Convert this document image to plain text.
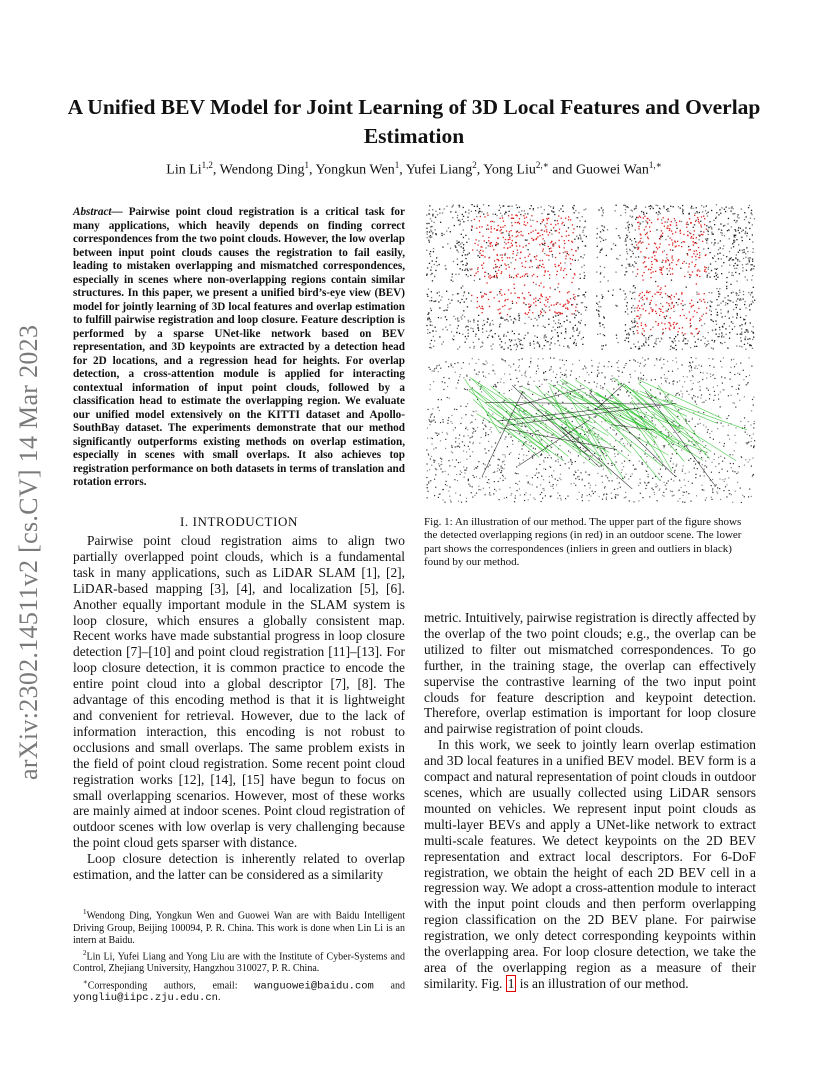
arXiv:2302.14511v2 [cs.CV] 14 Mar 2023
A Unified BEV Model for Joint Learning of 3D Local Features and Overlap Estimation
Lin Li$^{1,2}$, Wendong Ding$^1$, Yongkun Wen$^1$, Yufei Liang$^2$, Yong Liu$^{2,∗}$ and Guowei Wan$^{1,∗}$
Abstract— Pairwise point cloud registration is a critical task for many applications, which heavily depends on finding correct correspondences from the two point clouds. However, the low overlap between input point clouds causes the registration to fail easily, leading to mistaken overlapping and mismatched correspondences, especially in scenes where non-overlapping regions contain similar structures. In this paper, we present a unified bird’s-eye view (BEV) model for jointly learning of 3D local features and overlap estimation to fulfill pairwise registration and loop closure. Feature description is performed by a sparse UNet-like network based on BEV representation, and 3D keypoints are extracted by a detection head for 2D locations, and a regression head for heights. For overlap detection, a cross-attention module is applied for interacting contextual information of input point clouds, followed by a classification head to estimate the overlapping region. We evaluate our unified model extensively on the KITTI dataset and Apollo-SouthBay dataset. The experiments demonstrate that our method significantly outperforms existing methods on overlap estimation, especially in scenes with small overlaps. It also achieves top registration performance on both datasets in terms of translation and rotation errors.
I. INTRODUCTION

Pairwise point cloud registration aims to align two partially overlapped point clouds, which is a fundamental task in many applications, such as LiDAR SLAM [1], [2], LiDAR-based mapping [3], [4], and localization [5], [6]. Another equally important module in the SLAM system is loop closure, which ensures a globally consistent map. Recent works have made substantial progress in loop closure detection [7]–[10] and point cloud registration [11]–[13]. For loop closure detection, it is common practice to encode the entire point cloud into a global descriptor [7], [8]. The advantage of this encoding method is that it is lightweight and convenient for retrieval. However, due to the lack of information interaction, this encoding is not robust to occlusions and small overlaps. The same problem exists in the field of point cloud registration. Some recent point cloud registration works [12], [14], [15] have begun to focus on small overlapping scenarios. However, most of these works are mainly aimed at indoor scenes. Point cloud registration of outdoor scenes with low overlap is very challenging because the point cloud gets sparser with distance.

Loop closure detection is inherently related to overlap estimation, and the latter can be considered as a similarity

$^1$Wendong Ding, Yongkun Wen and Guowei Wan are with Baidu Intelligent Driving Group, Beijing 100094, P. R. China. This work is done when Lin Li is an intern at Baidu.

$^2$Lin Li, Yufei Liang and Yong Liu are with the Institute of Cyber-Systems and Control, Zhejiang University, Hangzhou 310027, P. R. China.

∗Corresponding authors, email: wanguowei@baidu.com and yongliu@iipc.zju.edu.cn.

Fig. 1: An illustration of our method. The upper part of the figure shows the detected overlapping regions (in red) in an outdoor scene. The lower part shows the correspondences (inliers in green and outliers in black) found by our method.

metric. Intuitively, pairwise registration is directly affected by the overlap of the two point clouds; e.g., the overlap can be utilized to filter out mismatched correspondences. To go further, in the training stage, the overlap can effectively supervise the contrastive learning of the two input point clouds for feature description and keypoint detection. Therefore, overlap estimation is important for loop closure and pairwise registration of point clouds.

In this work, we seek to jointly learn overlap estimation and 3D local features in a unified BEV model. BEV form is a compact and natural representation of point clouds in outdoor scenes, which are usually collected using LiDAR sensors mounted on vehicles. We represent input point clouds as multi-layer BEVs and apply a UNet-like network to extract multi-scale features. We detect keypoints on the 2D BEV representation and extract local descriptors. For 6-DoF registration, we obtain the height of each 2D BEV cell in a regression way. We adopt a cross-attention module to interact with the input point clouds and then perform overlapping region classification on the 2D BEV plane. For pairwise registration, we only detect corresponding keypoints within the overlapping area. For loop closure detection, we take the area of the overlapping region as a measure of their similarity. Fig. 1 is an illustration of our method.
